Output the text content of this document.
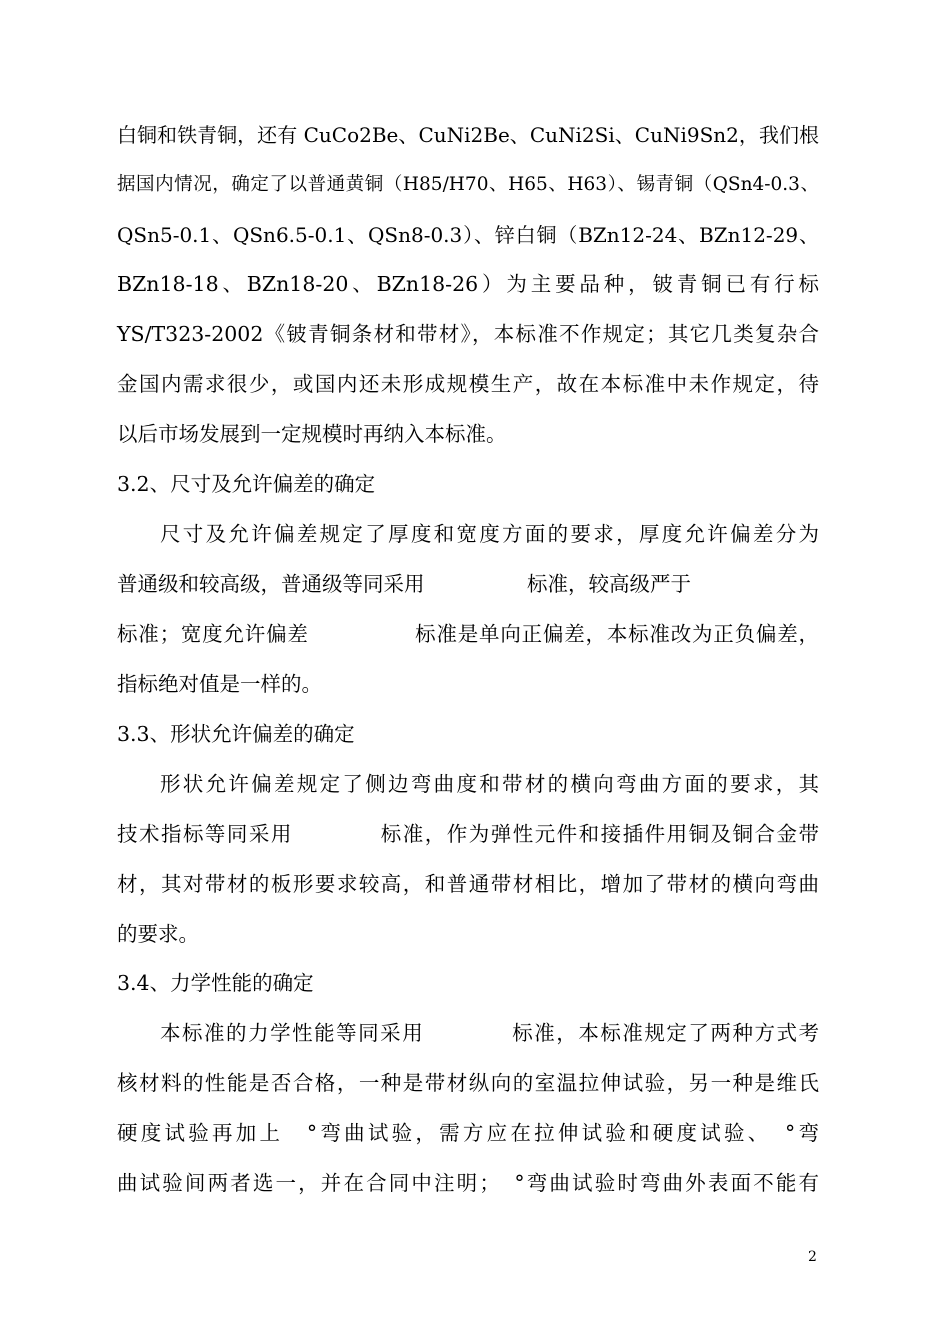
白铜和铁青铜，还有 CuCo2Be、CuNi2Be、CuNi2Si、CuNi9Sn2，我们根
据国内情况，确定了以普通黄铜（H85/H70、H65、H63）、锡青铜（QSn4-0.3、
QSn5-0.1、QSn6.5-0.1、QSn8-0.3）、锌白铜（BZn12-24、BZn12-29、
BZn18-18、BZn18-20、BZn18-26）为主要品种，铍青铜已有行标
YS/T323-2002《铍青铜条材和带材》，本标准不作规定；其它几类复杂合
金国内需求很少，或国内还未形成规模生产，故在本标准中未作规定，待
以后市场发展到一定规模时再纳入本标准。
3.2、尺寸及允许偏差的确定
尺寸及允许偏差规定了厚度和宽度方面的要求，厚度允许偏差分为
普通级和较高级，普通级等同采用　　　　　标准，较高级严于
标准；宽度允许偏差　　　　　标准是单向正偏差，本标准改为正负偏差，
指标绝对值是一样的。
3.3、形状允许偏差的确定
形状允许偏差规定了侧边弯曲度和带材的横向弯曲方面的要求，其
技术指标等同采用　　　　标准，作为弹性元件和接插件用铜及铜合金带
材，其对带材的板形要求较高，和普通带材相比，增加了带材的横向弯曲
的要求。
3.4、力学性能的确定
本标准的力学性能等同采用　　　　标准，本标准规定了两种方式考
核材料的性能是否合格，一种是带材纵向的室温拉伸试验，另一种是维氏
硬度试验再加上　°弯曲试验，需方应在拉伸试验和硬度试验、　°弯
曲试验间两者选一，并在合同中注明；　°弯曲试验时弯曲外表面不能有
2
